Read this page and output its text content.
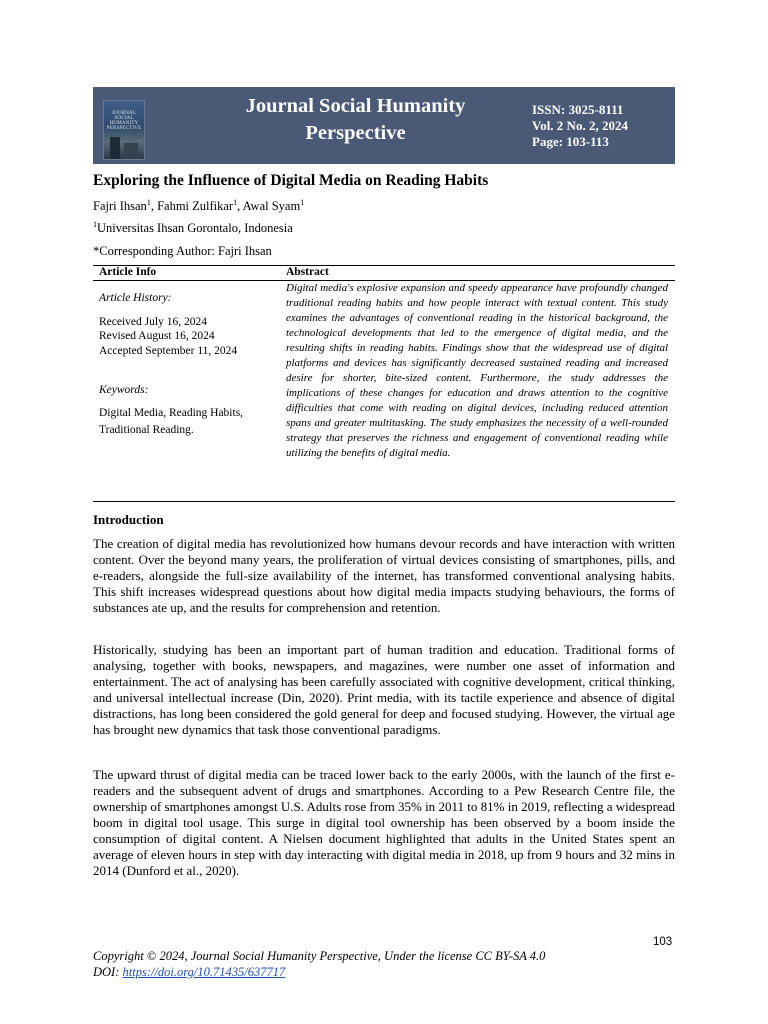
JOURNAL SOCIAL HUMANITY PERSPECTIVE
Journal Social Humanity
Perspective
ISSN: 3025-8111
Vol. 2 No. 2, 2024
Page: 103-113
Exploring the Influence of Digital Media on Reading Habits
Fajri Ihsan$^1$, Fahmi Zulfikar$^1$, Awal Syam$^1$
$^1$Universitas Ihsan Gorontalo, Indonesia
*Corresponding Author: Fajri Ihsan
Article Info	Abstract
Article History:
Received July 16, 2024
Revised August 16, 2024
Accepted September 11, 2024
Keywords:
Digital Media, Reading Habits,
Traditional Reading.
Digital media's explosive expansion and speedy appearance have profoundly changed traditional reading habits and how people interact with textual content. This study examines the advantages of conventional reading in the historical background, the technological developments that led to the emergence of digital media, and the resulting shifts in reading habits. Findings show that the widespread use of digital platforms and devices has significantly decreased sustained reading and increased desire for shorter, bite-sized content. Furthermore, the study addresses the implications of these changes for education and draws attention to the cognitive difficulties that come with reading on digital devices, including reduced attention spans and greater multitasking. The study emphasizes the necessity of a well-rounded strategy that preserves the richness and engagement of conventional reading while utilizing the benefits of digital media.
Introduction
The creation of digital media has revolutionized how humans devour records and have interaction with written content. Over the beyond many years, the proliferation of virtual devices consisting of smartphones, pills, and e-readers, alongside the full-size availability of the internet, has transformed conventional analysing habits. This shift increases widespread questions about how digital media impacts studying behaviours, the forms of substances ate up, and the results for comprehension and retention.
Historically, studying has been an important part of human tradition and education. Traditional forms of analysing, together with books, newspapers, and magazines, were number one asset of information and entertainment. The act of analysing has been carefully associated with cognitive development, critical thinking, and universal intellectual increase (Din, 2020). Print media, with its tactile experience and absence of digital distractions, has long been considered the gold general for deep and focused studying. However, the virtual age has brought new dynamics that task those conventional paradigms.
The upward thrust of digital media can be traced lower back to the early 2000s, with the launch of the first e-readers and the subsequent advent of drugs and smartphones. According to a Pew Research Centre file, the ownership of smartphones amongst U.S. Adults rose from 35% in 2011 to 81% in 2019, reflecting a widespread boom in digital tool usage. This surge in digital tool ownership has been observed by a boom inside the consumption of digital content. A Nielsen document highlighted that adults in the United States spent an average of eleven hours in step with day interacting with digital media in 2018, up from 9 hours and 32 mins in 2014 (Dunford et al., 2020).
103
Copyright © 2024, Journal Social Humanity Perspective, Under the license CC BY-SA 4.0
DOI: https://doi.org/10.71435/637717
